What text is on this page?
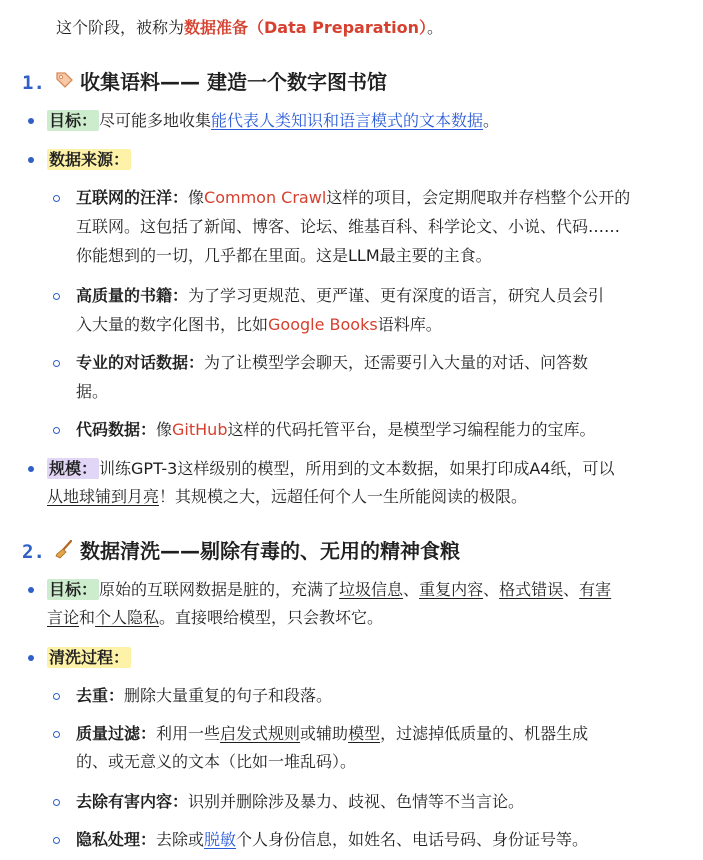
这个阶段，被称为数据准备（Data Preparation）。
1. 收集语料—— 建造一个数字图书馆
目标： 尽可能多地收集能代表人类知识和语言模式的文本数据。
数据来源：
互联网的汪洋：像Common Crawl这样的项目，会定期爬取并存档整个公开的
互联网。这包括了新闻、博客、论坛、维基百科、科学论文、小说、代码……
你能想到的一切，几乎都在里面。这是LLM最主要的主食。
高质量的书籍：为了学习更规范、更严谨、更有深度的语言，研究人员会引
入大量的数字化图书，比如Google Books语料库。
专业的对话数据：为了让模型学会聊天，还需要引入大量的对话、问答数
据。
代码数据：像GitHub这样的代码托管平台，是模型学习编程能力的宝库。
规模： 训练GPT-3这样级别的模型，所用到的文本数据，如果打印成A4纸，可以
从地球铺到月亮！其规模之大，远超任何个人一生所能阅读的极限。
2. 数据清洗——剔除有毒的、无用的精神食粮
目标： 原始的互联网数据是脏的，充满了垃圾信息、重复内容、格式错误、有害
言论和个人隐私。直接喂给模型，只会教坏它。
清洗过程：
去重：删除大量重复的句子和段落。
质量过滤：利用一些启发式规则或辅助模型，过滤掉低质量的、机器生成
的、或无意义的文本（比如一堆乱码）。
去除有害内容：识别并删除涉及暴力、歧视、色情等不当言论。
隐私处理：去除或脱敏个人身份信息，如姓名、电话号码、身份证号等。
